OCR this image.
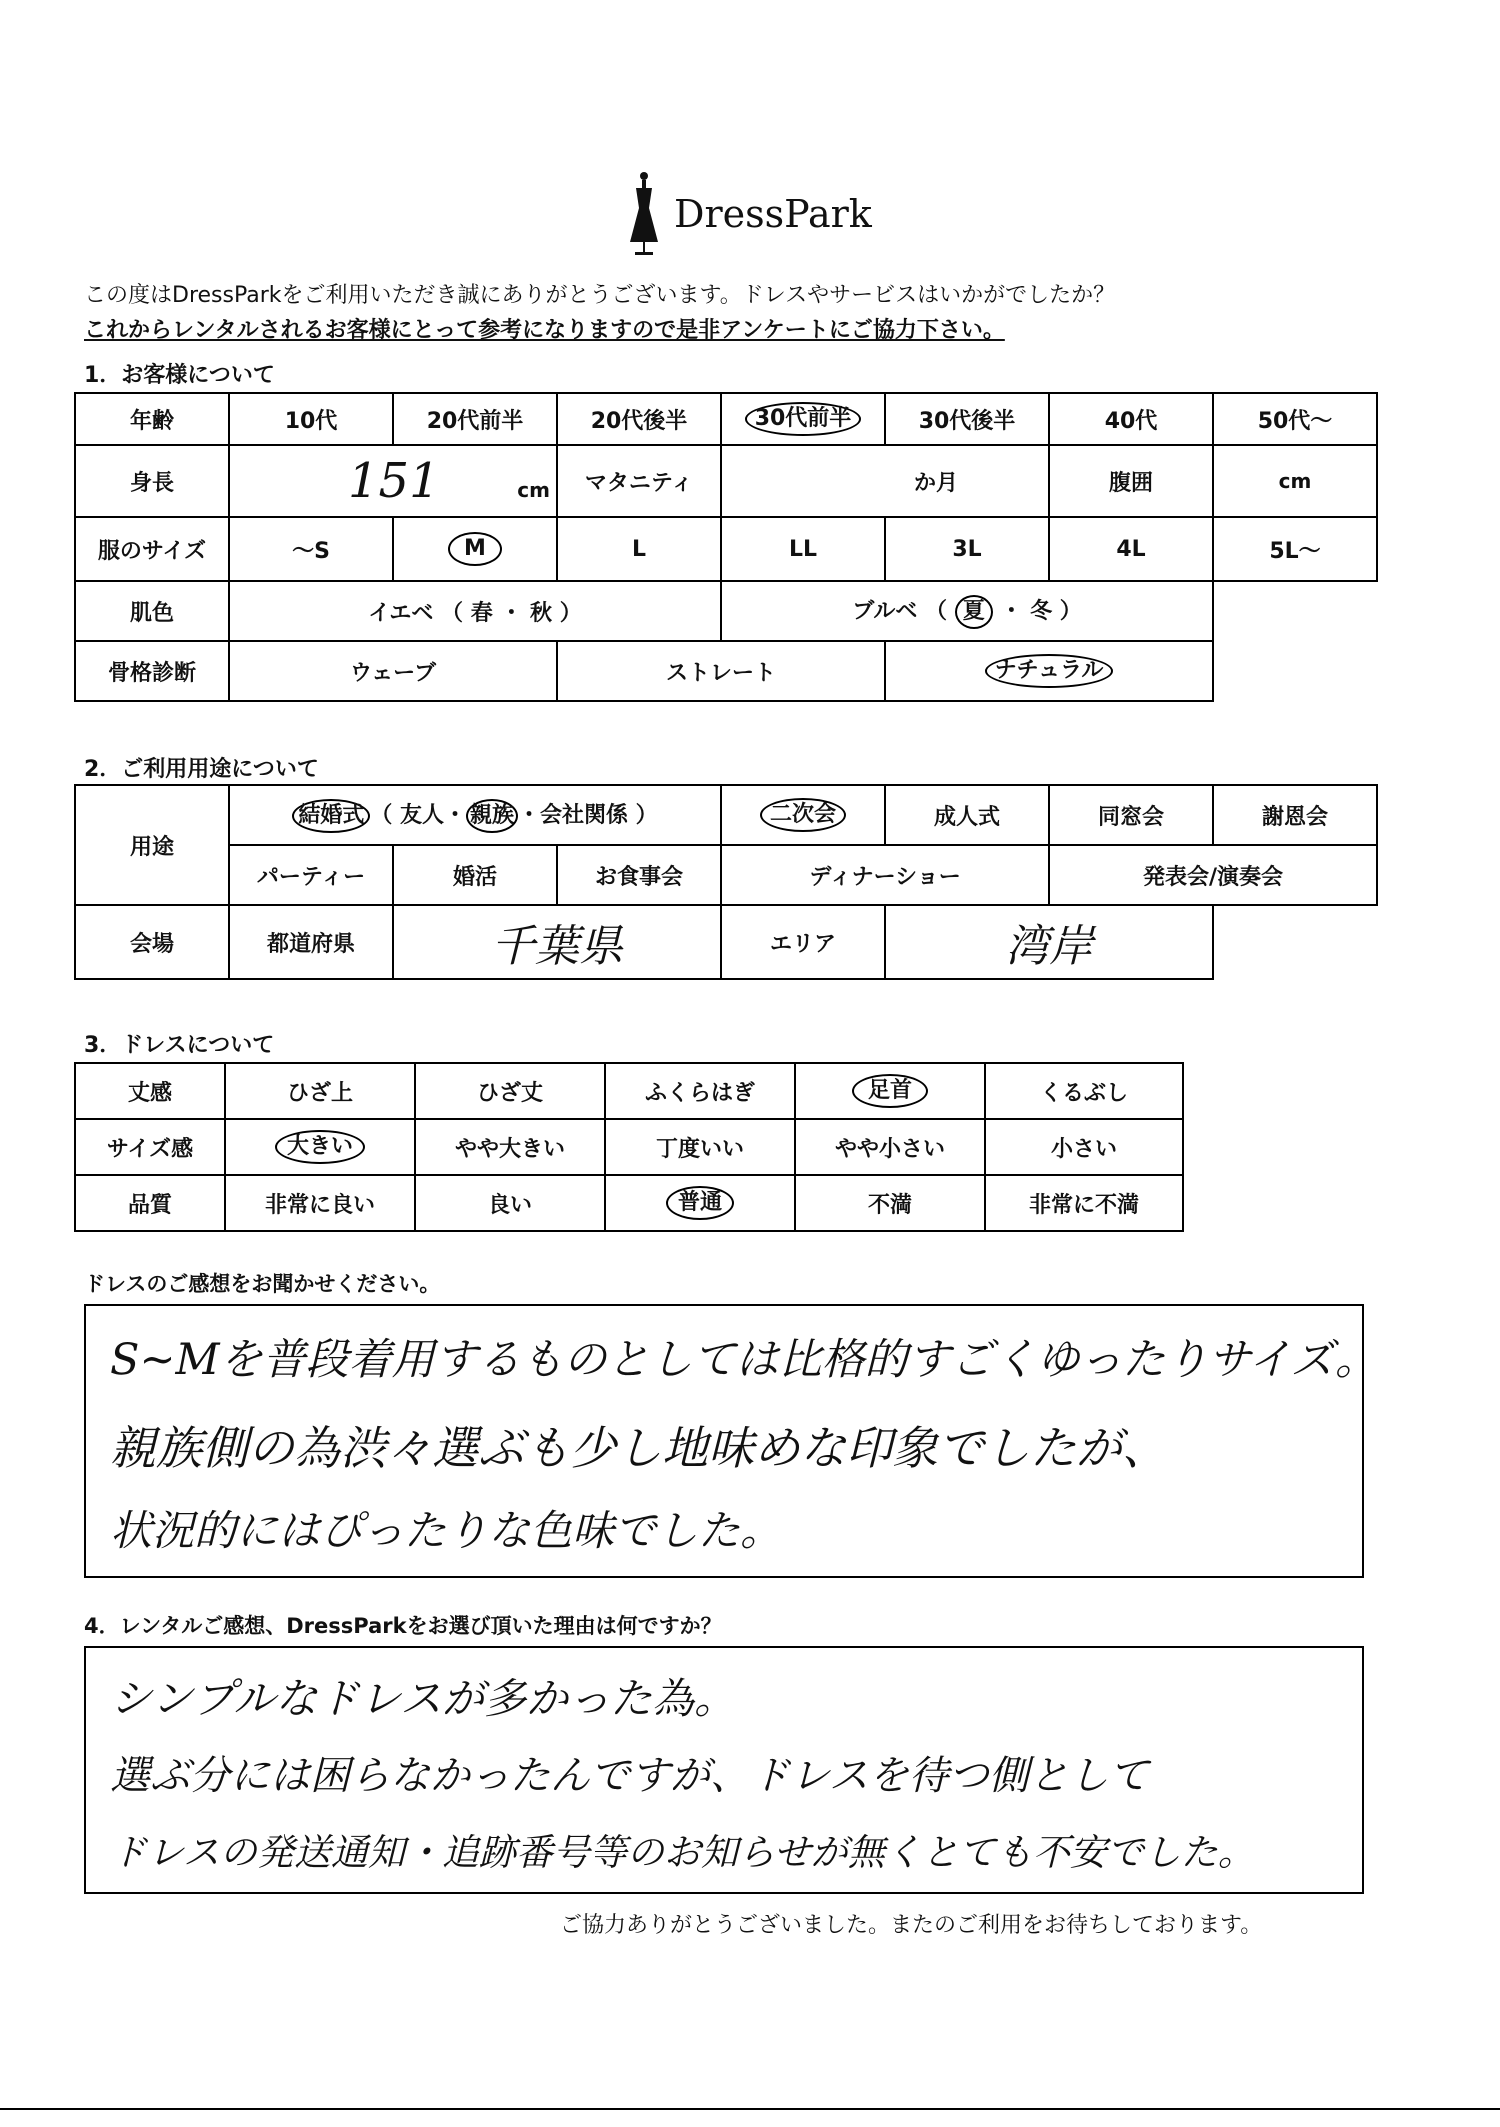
DressPark
この度はDressParkをご利用いただき誠にありがとうございます。ドレスやサービスはいかがでしたか？
これからレンタルされるお客様にとって参考になりますので是非アンケートにご協力下さい。
1．お客様について
年齢	10代	20代前半	20代後半	30代前半	30代後半	40代	50代～
身長	151 cm		マタニティ	か月		腹囲	cm
服のサイズ	～S	M	L	LL	3L	4L	5L～
肌色	イエベ （ 春 ・ 秋 ）			ブルベ （ 夏 ・ 冬 ）			
骨格診断	ウェーブ		ストレート		ナチュラル		
2．ご利用用途について
用途	結婚式 （ 友人・ 親族 ・会社関係 ）			二次会	成人式	同窓会	謝恩会
	パーティー	婚活	お食事会	ディナーショー		発表会/演奏会	
会場	都道府県	千葉県		エリア	湾岸		
3．ドレスについて
丈感	ひざ上	ひざ丈	ふくらはぎ	足首	くるぶし
サイズ感	大きい	やや大きい	丁度いい	やや小さい	小さい
品質	非常に良い	良い	普通	不満	非常に不満
ドレスのご感想をお聞かせください。
S~Mを普段着用するものとしては比格的すごくゆったりサイズ。
親族側の為渋々選ぶも少し地味めな印象でしたが、
状況的にはぴったりな色味でした。
4．レンタルご感想、DressParkをお選び頂いた理由は何ですか？
シンプルなドレスが多かった為。
選ぶ分には困らなかったんですが、ドレスを待つ側として
ドレスの発送通知・追跡番号等のお知らせが無くとても不安でした。
ご協力ありがとうございました。またのご利用をお待ちしております。
